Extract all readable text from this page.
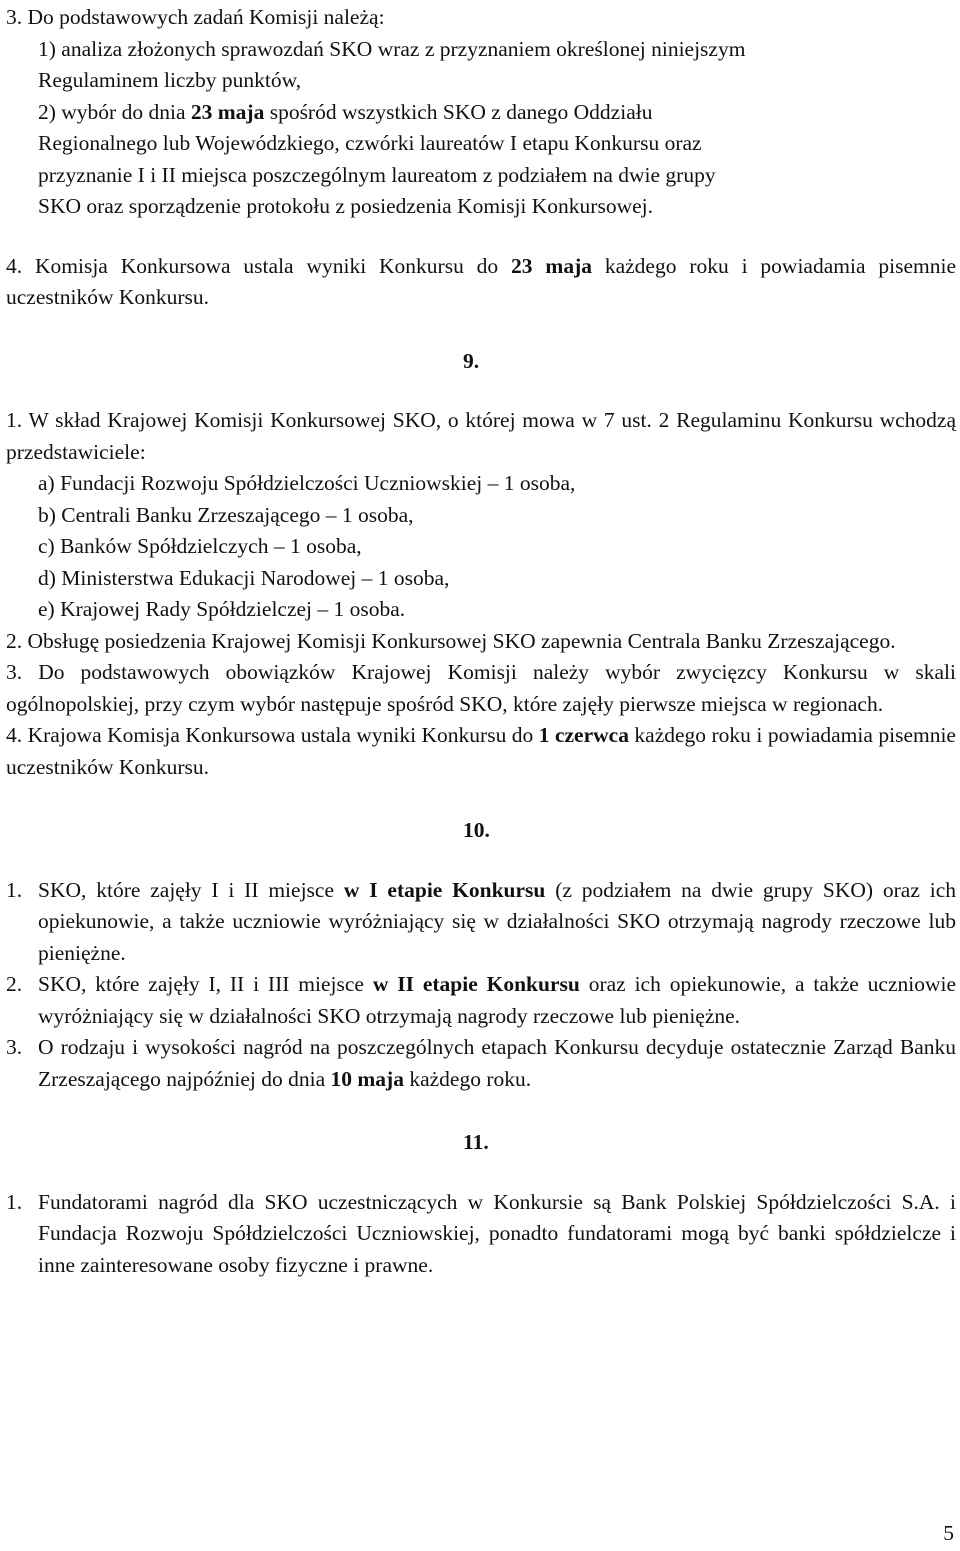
3. Do podstawowych zadań Komisji należą:

1) analiza złożonych sprawozdań SKO wraz z przyznaniem określonej niniejszym

Regulaminem liczby punktów,

2) wybór do dnia 23 maja spośród wszystkich SKO z danego Oddziału

Regionalnego lub Wojewódzkiego, czwórki laureatów I etapu Konkursu oraz

przyznanie I i II miejsca poszczególnym laureatom z podziałem na dwie grupy

SKO oraz sporządzenie protokołu z posiedzenia Komisji Konkursowej.

4. Komisja Konkursowa ustala wyniki Konkursu do 23 maja każdego roku i powiadamia pisemnie uczestników Konkursu.

9.

1. W skład Krajowej Komisji Konkursowej SKO, o której mowa w 7 ust. 2 Regulaminu Konkursu wchodzą przedstawiciele:

a) Fundacji Rozwoju Spółdzielczości Uczniowskiej – 1 osoba,

b) Centrali Banku Zrzeszającego – 1 osoba,

c) Banków Spółdzielczych – 1 osoba,

d) Ministerstwa Edukacji Narodowej – 1 osoba,

e) Krajowej Rady Spółdzielczej – 1 osoba.

2. Obsługę posiedzenia Krajowej Komisji Konkursowej SKO zapewnia Centrala Banku Zrzeszającego.

3. Do podstawowych obowiązków Krajowej Komisji należy wybór zwycięzcy Konkursu w skali ogólnopolskiej, przy czym wybór następuje spośród SKO, które zajęły pierwsze miejsca w regionach.

4. Krajowa Komisja Konkursowa ustala wyniki Konkursu do 1 czerwca każdego roku i powiadamia pisemnie uczestników Konkursu.

10.

1. SKO, które zajęły I i II miejsce w I etapie Konkursu (z podziałem na dwie grupy SKO) oraz ich opiekunowie, a także uczniowie wyróżniający się w działalności SKO otrzymają nagrody rzeczowe lub pieniężne.
2. SKO, które zajęły I, II i III miejsce w II etapie Konkursu oraz ich opiekunowie, a także uczniowie wyróżniający się w działalności SKO otrzymają nagrody rzeczowe lub pieniężne.
3. O rodzaju i wysokości nagród na poszczególnych etapach Konkursu decyduje ostatecznie Zarząd Banku Zrzeszającego najpóźniej do dnia 10 maja każdego roku.

11.

1. Fundatorami nagród dla SKO uczestniczących w Konkursie są Bank Polskiej Spółdzielczości S.A. i Fundacja Rozwoju Spółdzielczości Uczniowskiej, ponadto fundatorami mogą być banki spółdzielcze i inne zainteresowane osoby fizyczne i prawne.
5
